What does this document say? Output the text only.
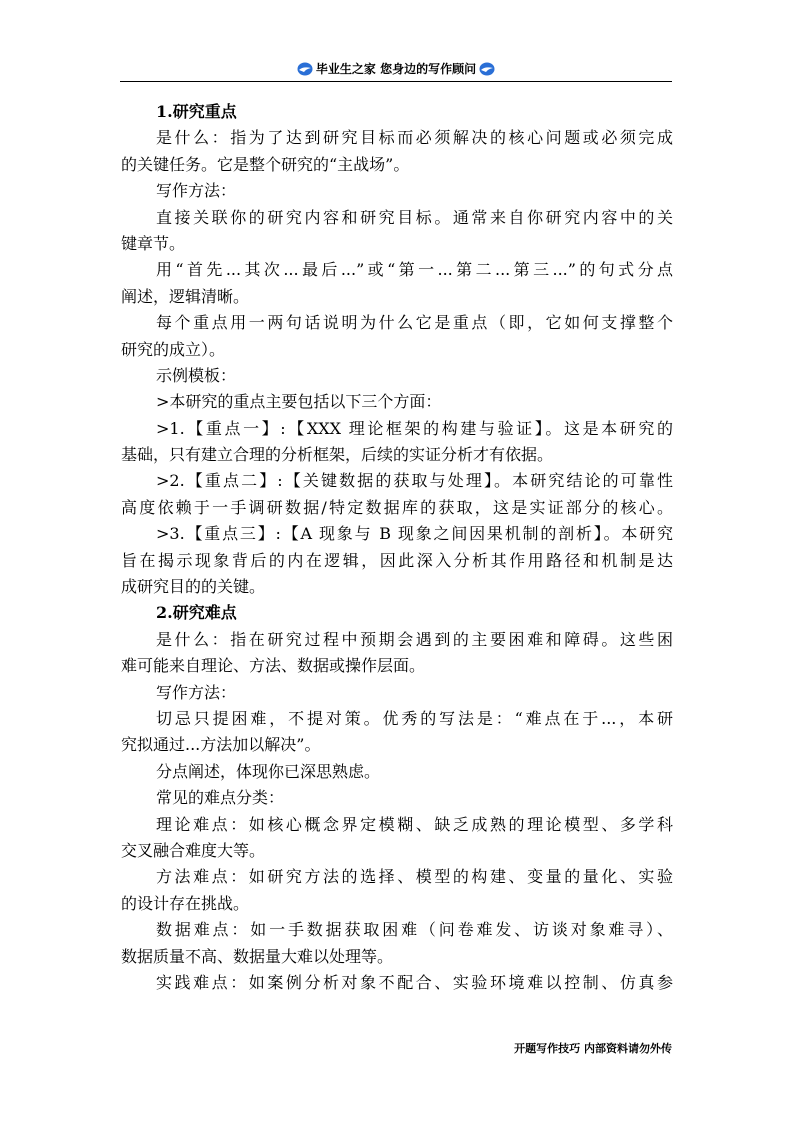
毕业生之家 您身边的写作顾问
1.研究重点
是什么：指为了达到研究目标而必须解决的核心问题或必须完成
的关键任务。它是整个研究的“主战场”。
写作方法：
直接关联你的研究内容和研究目标。通常来自你研究内容中的关
键章节。
用“首先...其次...最后...”或“第一...第二...第三...”的句式分点
阐述，逻辑清晰。
每个重点用一两句话说明为什么它是重点（即，它如何支撑整个
研究的成立）。
示例模板：
>本研究的重点主要包括以下三个方面：
>1.【重点一】:【XXX 理论框架的构建与验证】。这是本研究的
基础，只有建立合理的分析框架，后续的实证分析才有依据。
>2.【重点二】:【关键数据的获取与处理】。本研究结论的可靠性
高度依赖于一手调研数据/特定数据库的获取，这是实证部分的核心。
>3.【重点三】:【A 现象与 B 现象之间因果机制的剖析】。本研究
旨在揭示现象背后的内在逻辑，因此深入分析其作用路径和机制是达
成研究目的的关键。
2.研究难点
是什么：指在研究过程中预期会遇到的主要困难和障碍。这些困
难可能来自理论、方法、数据或操作层面。
写作方法：
切忌只提困难，不提对策。优秀的写法是：“难点在于...，本研
究拟通过...方法加以解决”。
分点阐述，体现你已深思熟虑。
常见的难点分类：
理论难点：如核心概念界定模糊、缺乏成熟的理论模型、多学科
交叉融合难度大等。
方法难点：如研究方法的选择、模型的构建、变量的量化、实验
的设计存在挑战。
数据难点：如一手数据获取困难（问卷难发、访谈对象难寻）、
数据质量不高、数据量大难以处理等。
实践难点：如案例分析对象不配合、实验环境难以控制、仿真参
开题写作技巧 内部资料请勿外传
